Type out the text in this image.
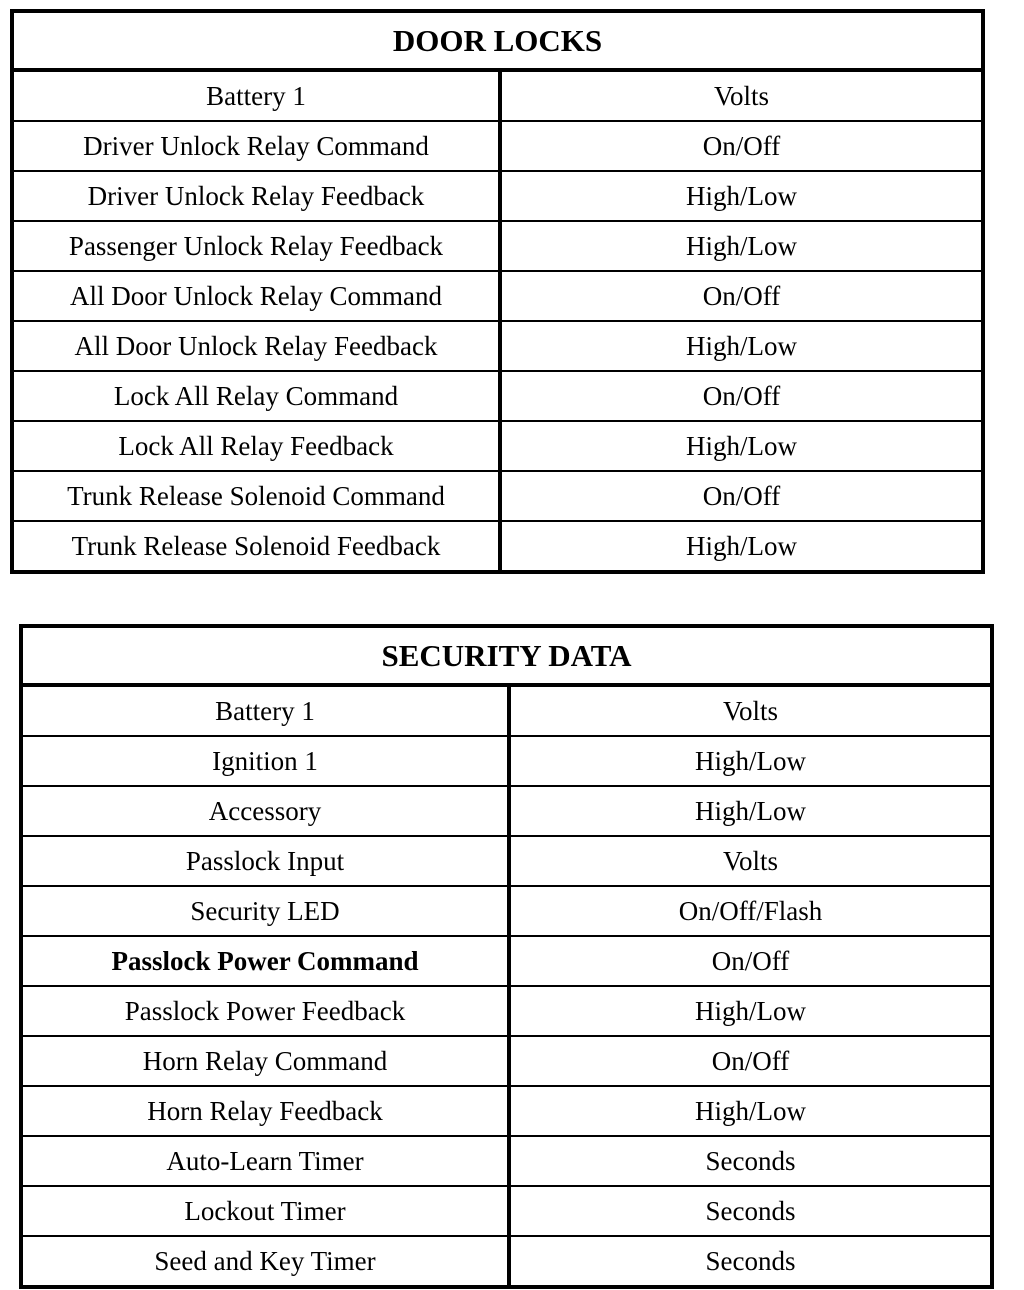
DOOR LOCKS	
Battery 1	Volts
Driver Unlock Relay Command	On/Off
Driver Unlock Relay Feedback	High/Low
Passenger Unlock Relay Feedback	High/Low
All Door Unlock Relay Command	On/Off
All Door Unlock Relay Feedback	High/Low
Lock All Relay Command	On/Off
Lock All Relay Feedback	High/Low
Trunk Release Solenoid Command	On/Off
Trunk Release Solenoid Feedback	High/Low
SECURITY DATA	
Battery 1	Volts
Ignition 1	High/Low
Accessory	High/Low
Passlock Input	Volts
Security LED	On/Off/Flash
Passlock Power Command	On/Off
Passlock Power Feedback	High/Low
Horn Relay Command	On/Off
Horn Relay Feedback	High/Low
Auto-Learn Timer	Seconds
Lockout Timer	Seconds
Seed and Key Timer	Seconds
